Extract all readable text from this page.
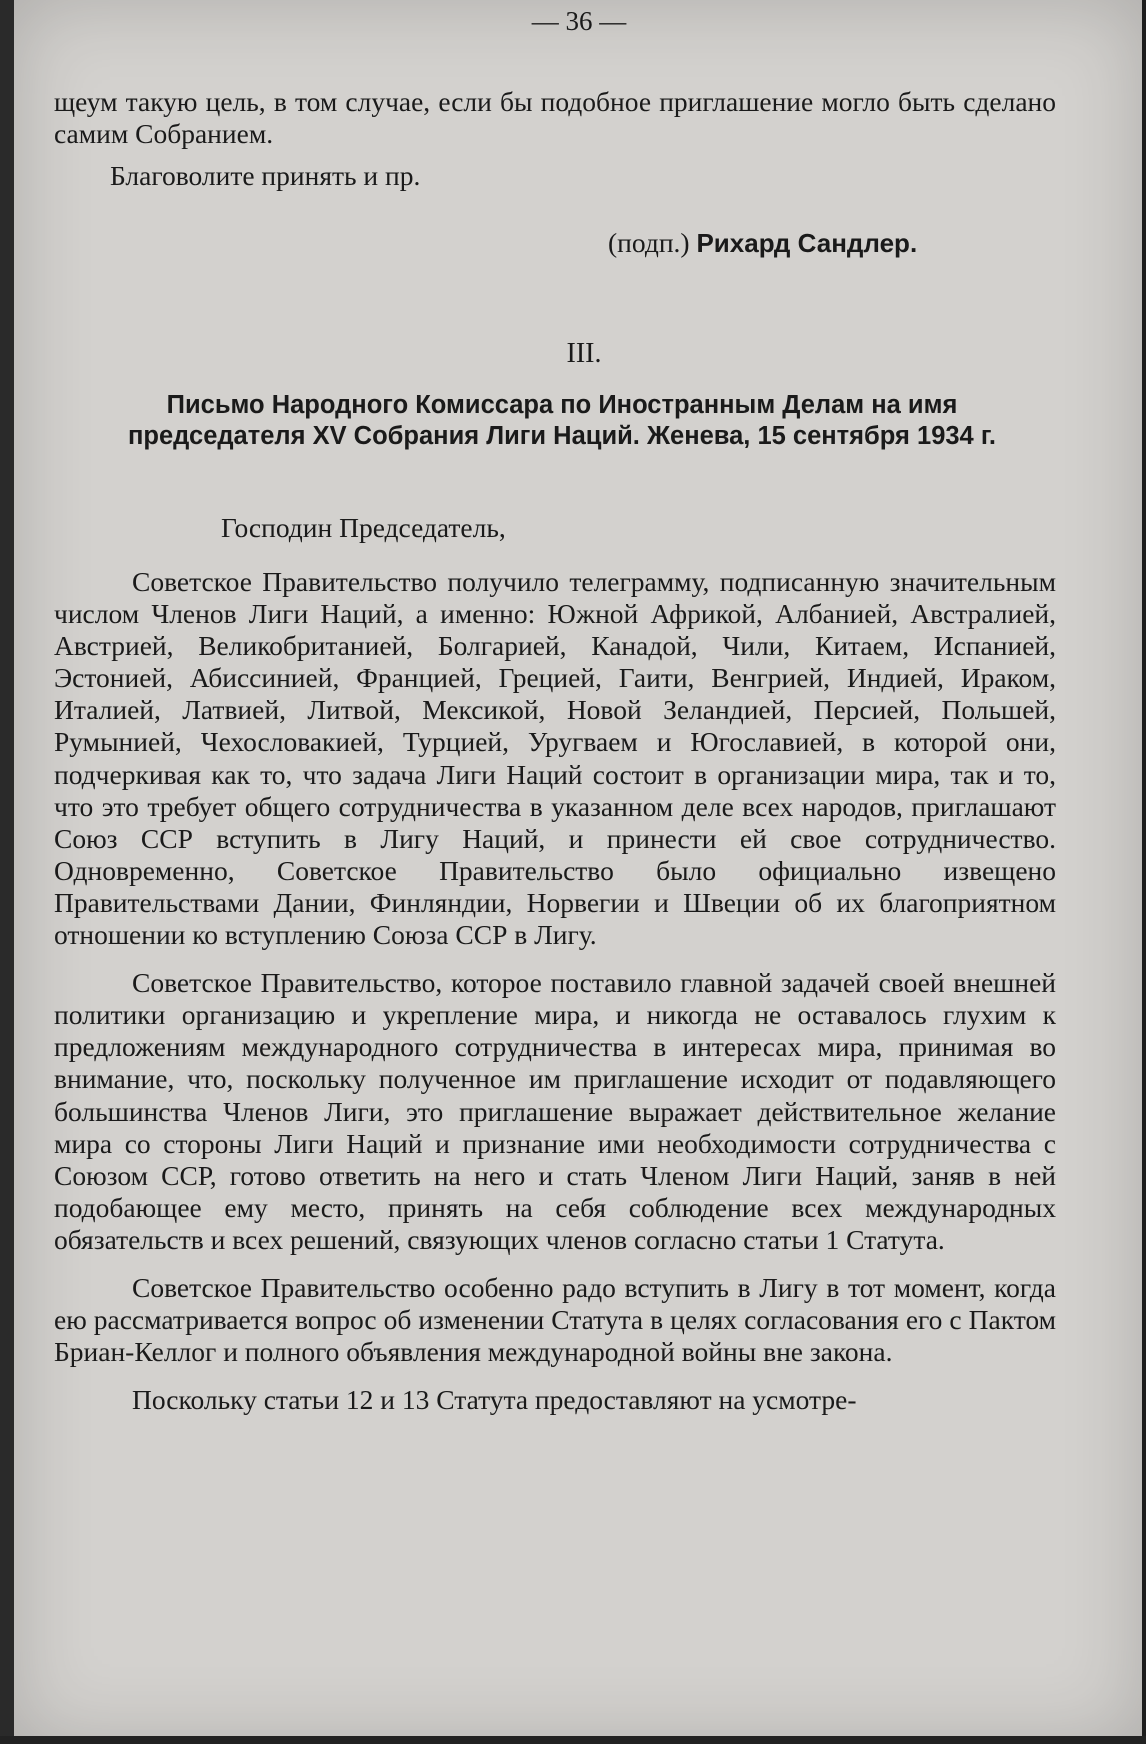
— 36 —

щеум такую цель, в том случае, если бы подобное приглашение могло быть сделано самим Собранием.

Благоволите принять и пр.
(подп.) Рихард Сандлер.
III.
Письмо Народного Комиссара по Иностранным Делам на имя председателя XV Собрания Лиги Наций. Женева, 15 сентября 1934 г.
Господин Председатель,

Советское Правительство получило телеграмму, подписанную значительным числом Членов Лиги Наций, а именно: Южной Африкой, Албанией, Австралией, Австрией, Великобританией, Болгарией, Канадой, Чили, Китаем, Испанией, Эстонией, Абиссинией, Францией, Грецией, Гаити, Венгрией, Индией, Ираком, Италией, Латвией, Литвой, Мексикой, Новой Зеландией, Персией, Польшей, Румынией, Чехословакией, Турцией, Уругваем и Югославией, в которой они, подчеркивая как то, что задача Лиги Наций состоит в организации мира, так и то, что это требует общего сотрудничества в указанном деле всех народов, приглашают Союз ССР вступить в Лигу Наций, и принести ей свое сотрудничество. Одновременно, Советское Правительство было официально извещено Правительствами Дании, Финляндии, Норвегии и Швеции об их благоприятном отношении ко вступлению Союза ССР в Лигу.

Советское Правительство, которое поставило главной задачей своей внешней политики организацию и укрепление мира, и никогда не оставалось глухим к предложениям международного сотрудничества в интересах мира, принимая во внимание, что, поскольку полученное им приглашение исходит от подавляющего большинства Членов Лиги, это приглашение выражает действительное желание мира со стороны Лиги Наций и признание ими необходимости сотрудничества с Союзом ССР, готово ответить на него и стать Членом Лиги Наций, заняв в ней подобающее ему место, принять на себя соблюдение всех международных обязательств и всех решений, связующих членов согласно статьи 1 Статута.

Советское Правительство особенно радо вступить в Лигу в тот момент, когда ею рассматривается вопрос об изменении Статута в целях согласования его с Пактом Бриан-Келлог и полного объявления международной войны вне закона.

Поскольку статьи 12 и 13 Статута предоставляют на усмотре-
